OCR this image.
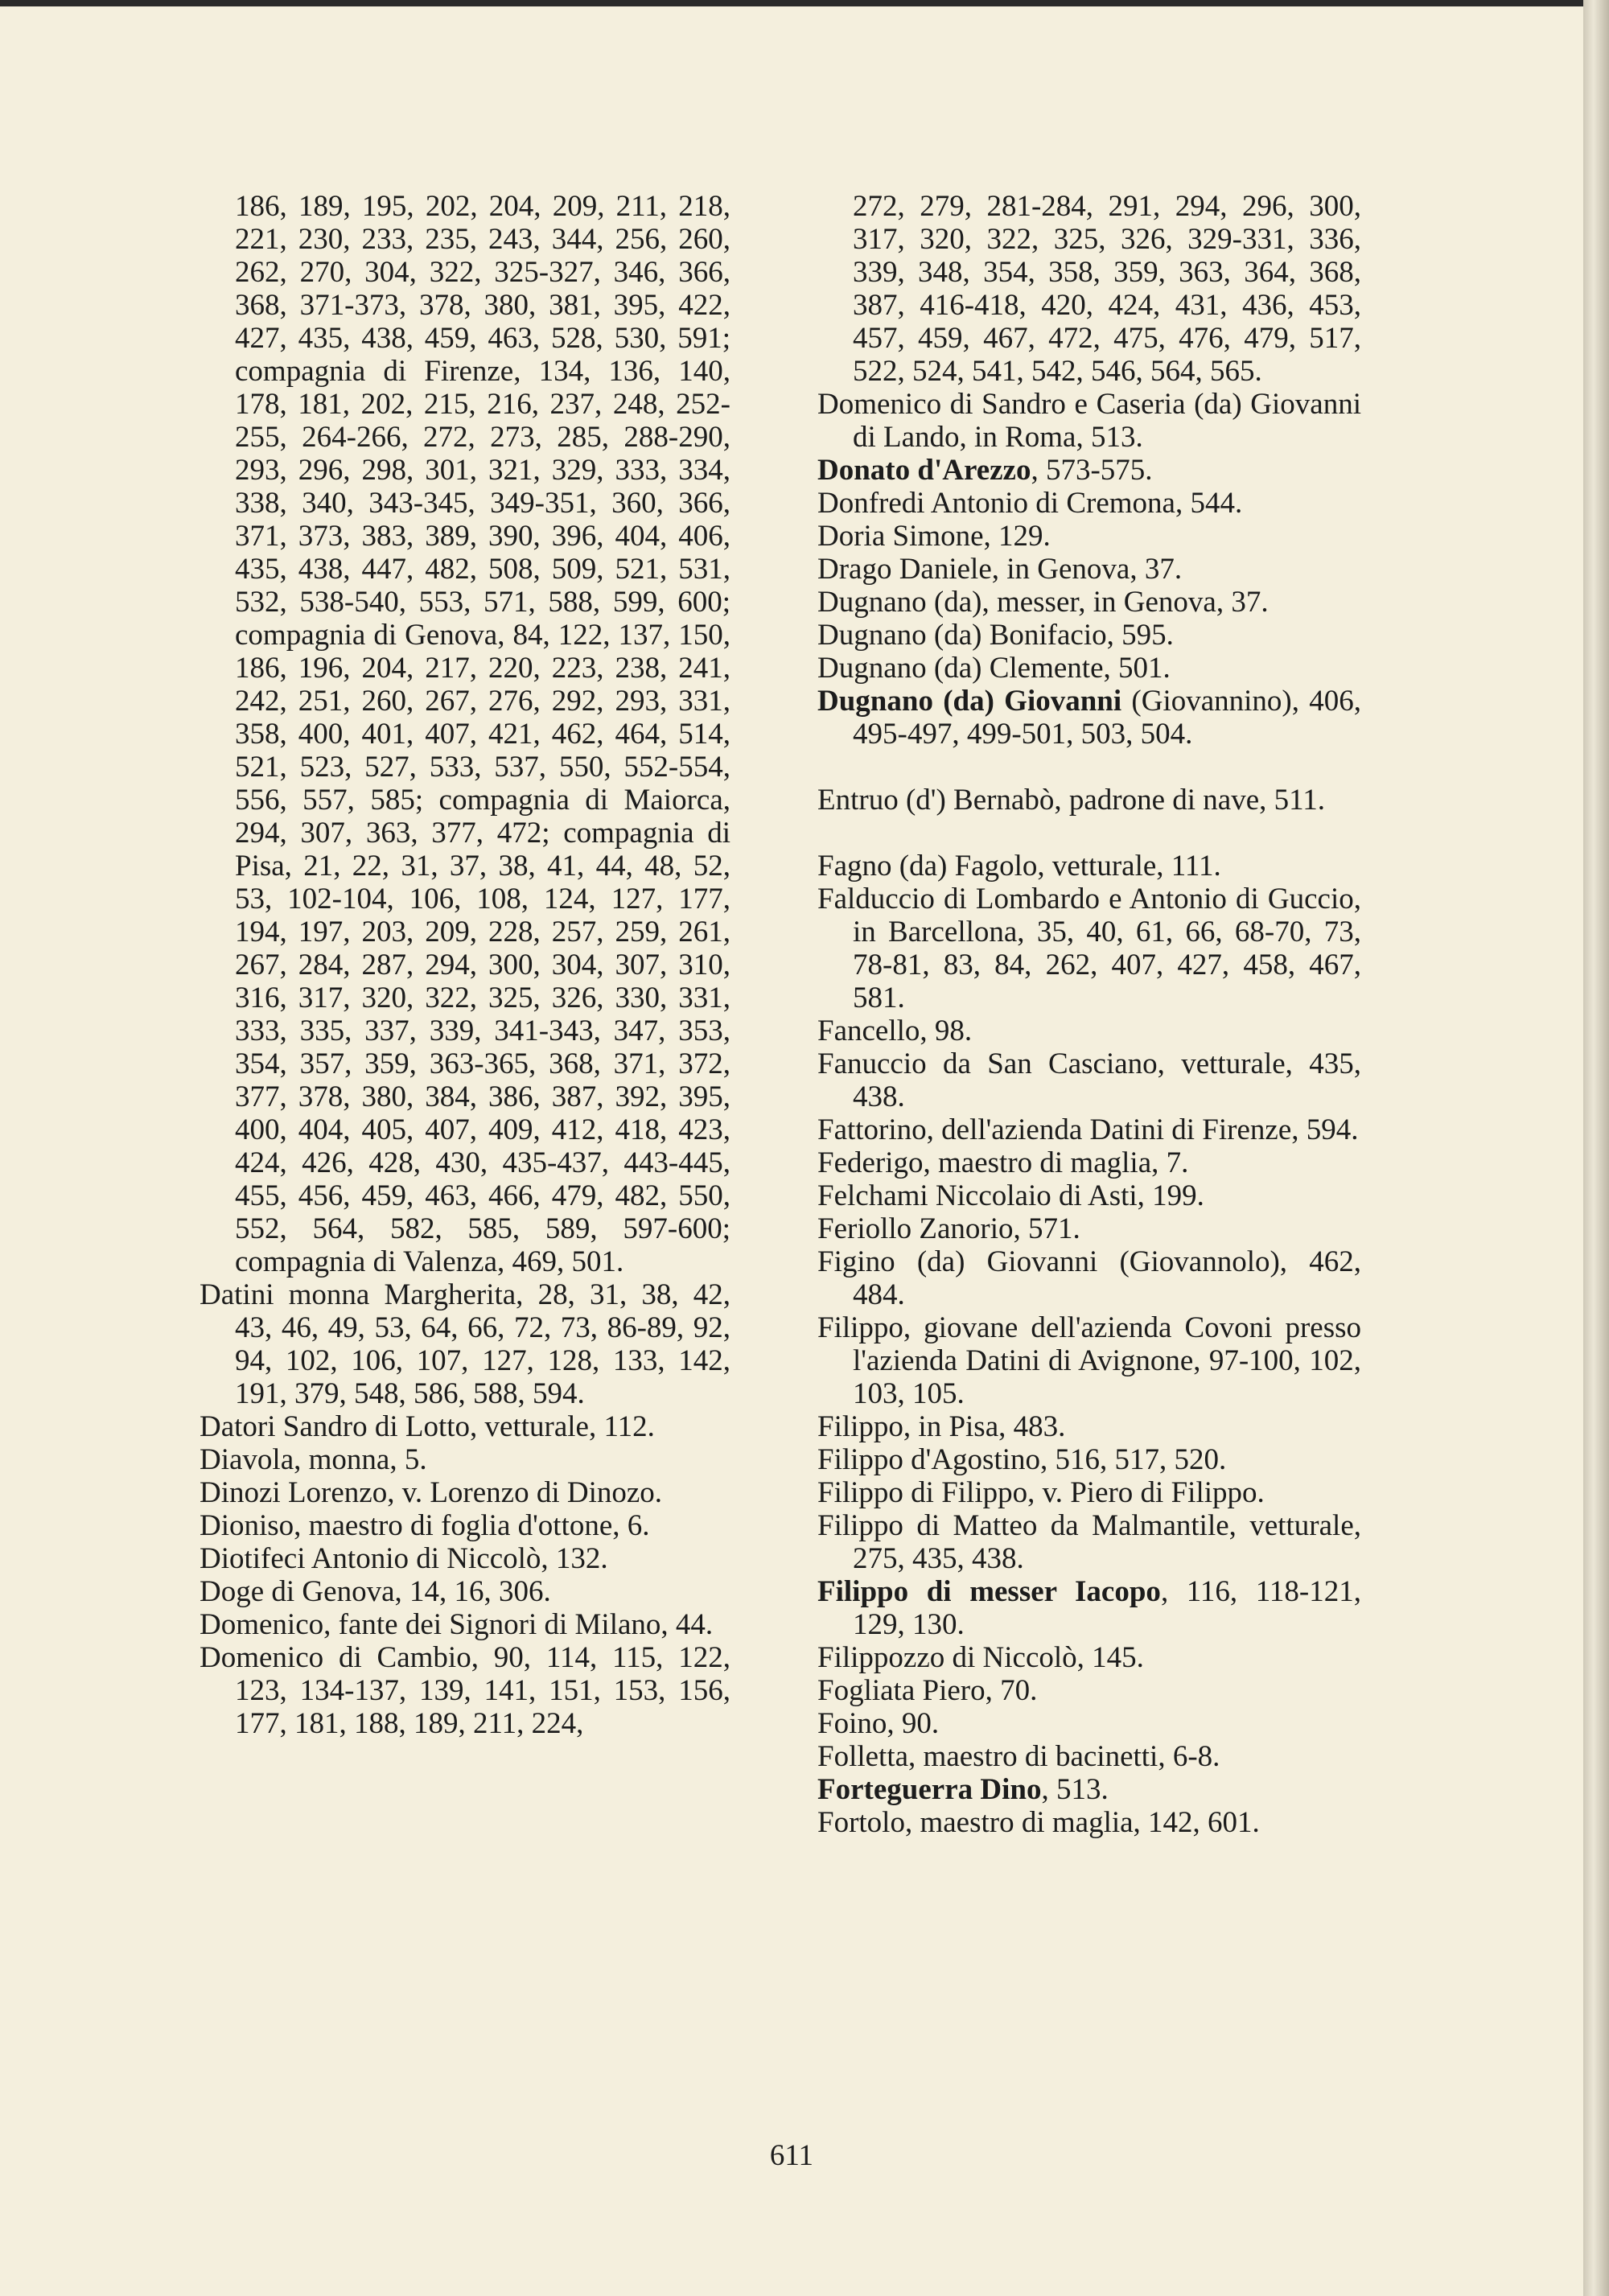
186, 189, 195, 202, 204, 209, 211, 218, 221, 230, 233, 235, 243, 344, 256, 260, 262, 270, 304, 322, 325-327, 346, 366, 368, 371-373, 378, 380, 381, 395, 422, 427, 435, 438, 459, 463, 528, 530, 591; compagnia di Firenze, 134, 136, 140, 178, 181, 202, 215, 216, 237, 248, 252-255, 264-266, 272, 273, 285, 288-290, 293, 296, 298, 301, 321, 329, 333, 334, 338, 340, 343-345, 349-351, 360, 366, 371, 373, 383, 389, 390, 396, 404, 406, 435, 438, 447, 482, 508, 509, 521, 531, 532, 538-540, 553, 571, 588, 599, 600; compagnia di Genova, 84, 122, 137, 150, 186, 196, 204, 217, 220, 223, 238, 241, 242, 251, 260, 267, 276, 292, 293, 331, 358, 400, 401, 407, 421, 462, 464, 514, 521, 523, 527, 533, 537, 550, 552-554, 556, 557, 585; compagnia di Maiorca, 294, 307, 363, 377, 472; compagnia di Pisa, 21, 22, 31, 37, 38, 41, 44, 48, 52, 53, 102-104, 106, 108, 124, 127, 177, 194, 197, 203, 209, 228, 257, 259, 261, 267, 284, 287, 294, 300, 304, 307, 310, 316, 317, 320, 322, 325, 326, 330, 331, 333, 335, 337, 339, 341-343, 347, 353, 354, 357, 359, 363-365, 368, 371, 372, 377, 378, 380, 384, 386, 387, 392, 395, 400, 404, 405, 407, 409, 412, 418, 423, 424, 426, 428, 430, 435-437, 443-445, 455, 456, 459, 463, 466, 479, 482, 550, 552, 564, 582, 585, 589, 597-600; compagnia di Valenza, 469, 501.

Datini monna Margherita, 28, 31, 38, 42, 43, 46, 49, 53, 64, 66, 72, 73, 86-89, 92, 94, 102, 106, 107, 127, 128, 133, 142, 191, 379, 548, 586, 588, 594.

Datori Sandro di Lotto, vetturale, 112.

Diavola, monna, 5.

Dinozi Lorenzo, v. Lorenzo di Dinozo.

Dioniso, maestro di foglia d'ottone, 6.

Diotifeci Antonio di Niccolò, 132.

Doge di Genova, 14, 16, 306.

Domenico, fante dei Signori di Milano, 44.

Domenico di Cambio, 90, 114, 115, 122, 123, 134-137, 139, 141, 151, 153, 156, 177, 181, 188, 189, 211, 224,

272, 279, 281-284, 291, 294, 296, 300, 317, 320, 322, 325, 326, 329-331, 336, 339, 348, 354, 358, 359, 363, 364, 368, 387, 416-418, 420, 424, 431, 436, 453, 457, 459, 467, 472, 475, 476, 479, 517, 522, 524, 541, 542, 546, 564, 565.

Domenico di Sandro e Caseria (da) Giovanni di Lando, in Roma, 513.

Donato d'Arezzo, 573-575.

Donfredi Antonio di Cremona, 544.

Doria Simone, 129.

Drago Daniele, in Genova, 37.

Dugnano (da), messer, in Genova, 37.

Dugnano (da) Bonifacio, 595.

Dugnano (da) Clemente, 501.

Dugnano (da) Giovanni (Giovannino), 406, 495-497, 499-501, 503, 504.

Entruo (d') Bernabò, padrone di nave, 511.

Fagno (da) Fagolo, vetturale, 111.

Falduccio di Lombardo e Antonio di Guccio, in Barcellona, 35, 40, 61, 66, 68-70, 73, 78-81, 83, 84, 262, 407, 427, 458, 467, 581.

Fancello, 98.

Fanuccio da San Casciano, vetturale, 435, 438.

Fattorino, dell'azienda Datini di Firenze, 594.

Federigo, maestro di maglia, 7.

Felchami Niccolaio di Asti, 199.

Feriollo Zanorio, 571.

Figino (da) Giovanni (Giovannolo), 462, 484.

Filippo, giovane dell'azienda Covoni presso l'azienda Datini di Avignone, 97-100, 102, 103, 105.

Filippo, in Pisa, 483.

Filippo d'Agostino, 516, 517, 520.

Filippo di Filippo, v. Piero di Filippo.

Filippo di Matteo da Malmantile, vetturale, 275, 435, 438.

Filippo di messer Iacopo, 116, 118-121, 129, 130.

Filippozzo di Niccolò, 145.

Fogliata Piero, 70.

Foino, 90.

Folletta, maestro di bacinetti, 6-8.

Forteguerra Dino, 513.

Fortolo, maestro di maglia, 142, 601.

611
